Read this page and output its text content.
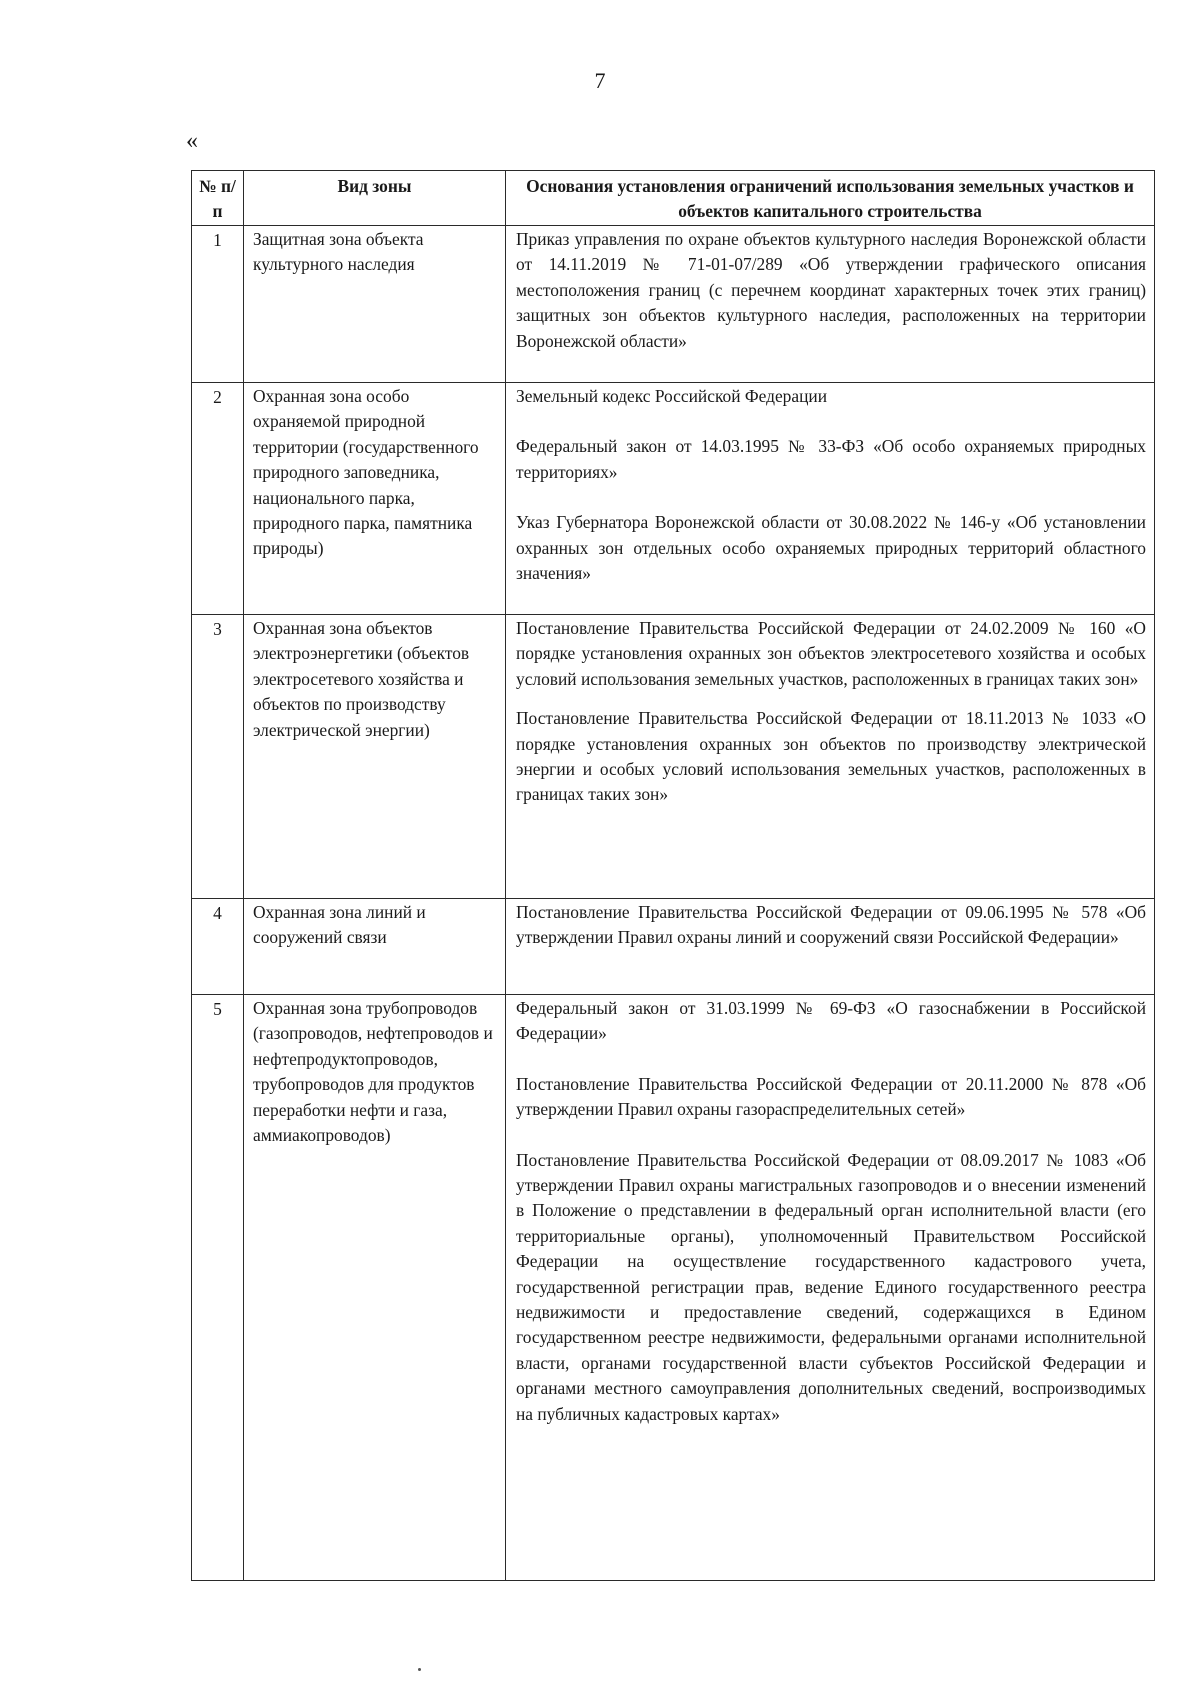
7
«
№ п/п	Вид зоны	Основания установления ограничений использования земельных участков и объектов капитального строительства
1	Защитная зона объекта культурного наследия	Приказ управления по охране объектов культурного наследия Воронежской области от 14.11.2019 № 71-01-07/289 «Об утверждении графического описания местоположения границ (с перечнем координат характерных точек этих границ) защитных зон объектов культурного наследия, расположенных на территории Воронежской области»

2	Охранная зона особо охраняемой природной территории (государственного природного заповедника, национального парка, природного парка, памятника природы)	Земельный кодекс Российской Федерации

Федеральный закон от 14.03.1995 № 33-ФЗ «Об особо охраняемых природных территориях»

Указ Губернатора Воронежской области от 30.08.2022 № 146-у «Об установлении охранных зон отдельных особо охраняемых природных территорий областного значения»

3	Охранная зона объектов электроэнергетики (объектов электросетевого хозяйства и объектов по производству электрической энергии)	Постановление Правительства Российской Федерации от 24.02.2009 № 160 «О порядке установления охранных зон объектов электросетевого хозяйства и особых условий использования земельных участков, расположенных в границах таких зон»

Постановление Правительства Российской Федерации от 18.11.2013 № 1033 «О порядке установления охранных зон объектов по производству электрической энергии и особых условий использования земельных участков, расположенных в границах таких зон»

4	Охранная зона линий и сооружений связи	Постановление Правительства Российской Федерации от 09.06.1995 № 578 «Об утверждении Правил охраны линий и сооружений связи Российской Федерации»

5	Охранная зона трубопроводов (газопроводов, нефтепроводов и нефтепродуктопроводов, трубопроводов для продуктов переработки нефти и газа, аммиакопроводов)	Федеральный закон от 31.03.1999 № 69-ФЗ «О газоснабжении в Российской Федерации»

Постановление Правительства Российской Федерации от 20.11.2000 № 878 «Об утверждении Правил охраны газораспределительных сетей»

Постановление Правительства Российской Федерации от 08.09.2017 № 1083 «Об утверждении Правил охраны магистральных газопроводов и о внесении изменений в Положение о представлении в федеральный орган исполнительной власти (его территориальные органы), уполномоченный Правительством Российской Федерации на осуществление государственного кадастрового учета, государственной регистрации прав, ведение Единого государственного реестра недвижимости и предоставление сведений, содержащихся в Едином государственном реестре недвижимости, федеральными органами исполнительной власти, органами государственной власти субъектов Российской Федерации и органами местного самоуправления дополнительных сведений, воспроизводимых на публичных кадастровых картах»
